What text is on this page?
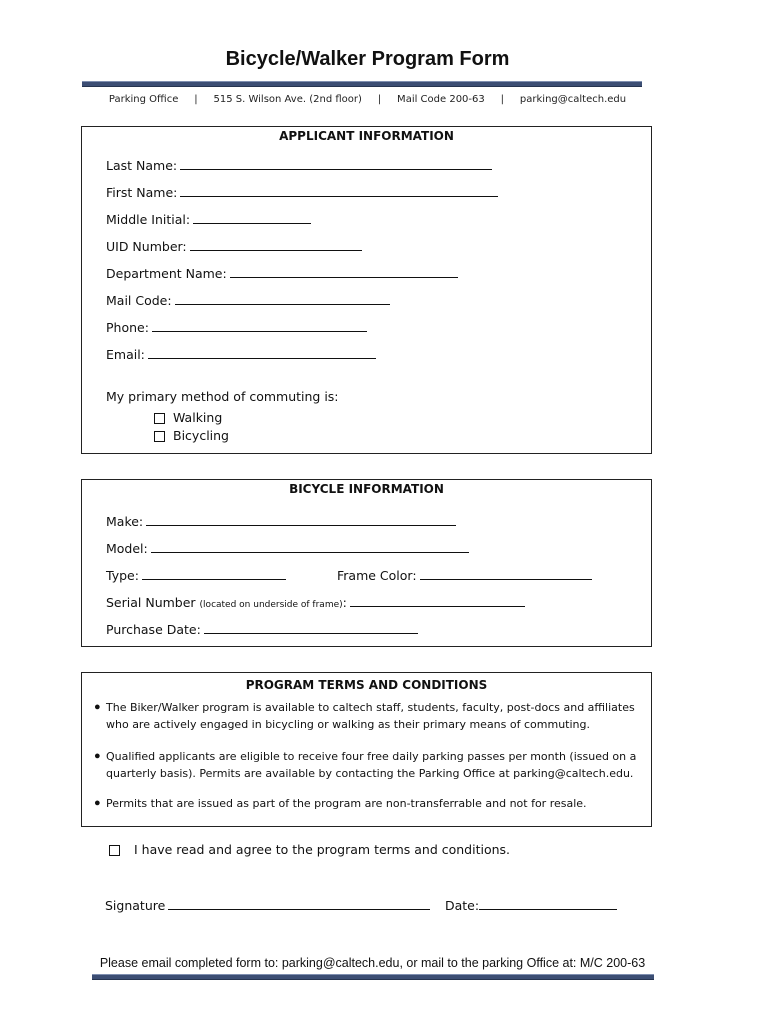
Bicycle/Walker Program Form
Parking Office     |     515 S. Wilson Ave. (2nd floor)     |     Mail Code 200-63     |     parking@caltech.edu
APPLICANT INFORMATION
Last Name:
First Name:
Middle Initial:
UID Number:
Department Name:
Mail Code:
Phone:
Email:
My primary method of commuting is:
Walking
Bicycling
BICYCLE INFORMATION
Make:
Model:
Type:	Frame Color:
Serial Number (located on underside of frame):
Purchase Date:
PROGRAM TERMS AND CONDITIONS
● The Biker/Walker program is available to caltech staff, students, faculty, post-docs and affiliates who are actively engaged in bicycling or walking as their primary means of commuting.
● Qualified applicants are eligible to receive four free daily parking passes per month (issued on a quarterly basis). Permits are available by contacting the Parking Office at parking@caltech.edu.
● Permits that are issued as part of the program are non-transferrable and not for resale.
I have read and agree to the program terms and conditions.
Signature	Date:
Please email completed form to: parking@caltech.edu, or mail to the parking Office at: M/C 200-63
